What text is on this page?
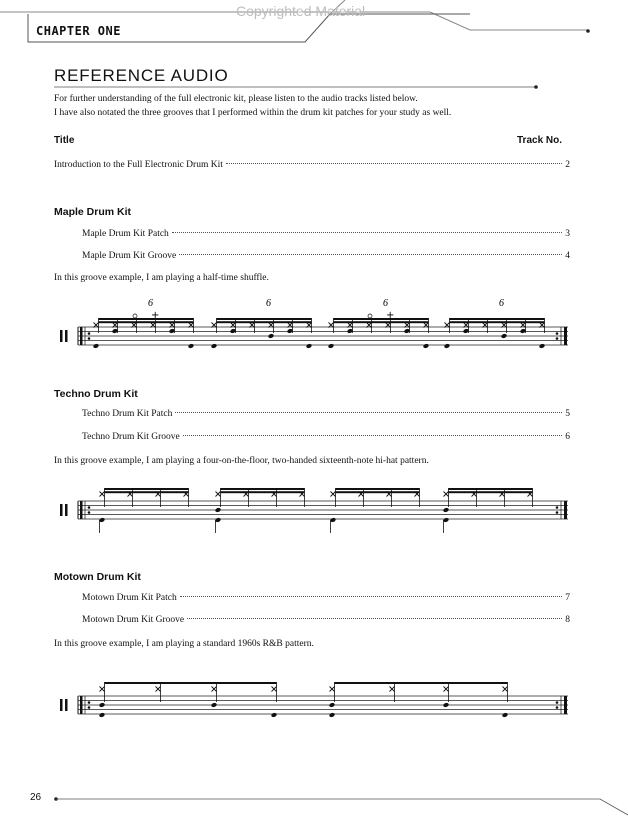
Copyrighted Material
CHAPTER ONE
REFERENCE AUDIO
For further understanding of the full electronic kit, please listen to the audio tracks listed below.
I have also notated the three grooves that I performed within the drum kit patches for your study as well.
Title	Track No.
Introduction to the Full Electronic Drum Kit	2
Maple Drum Kit
Maple Drum Kit Patch	3
Maple Drum Kit Groove	4
In this groove example, I am playing a half-time shuffle.
Techno Drum Kit
Techno Drum Kit Patch	5
Techno Drum Kit Groove	6
In this groove example, I am playing a four-on-the-floor, two-handed sixteenth-note hi-hat pattern.
Motown Drum Kit
Motown Drum Kit Patch	7
Motown Drum Kit Groove	8
In this groove example, I am playing a standard 1960s R&B pattern.
6
+
6	6
+
6
26
